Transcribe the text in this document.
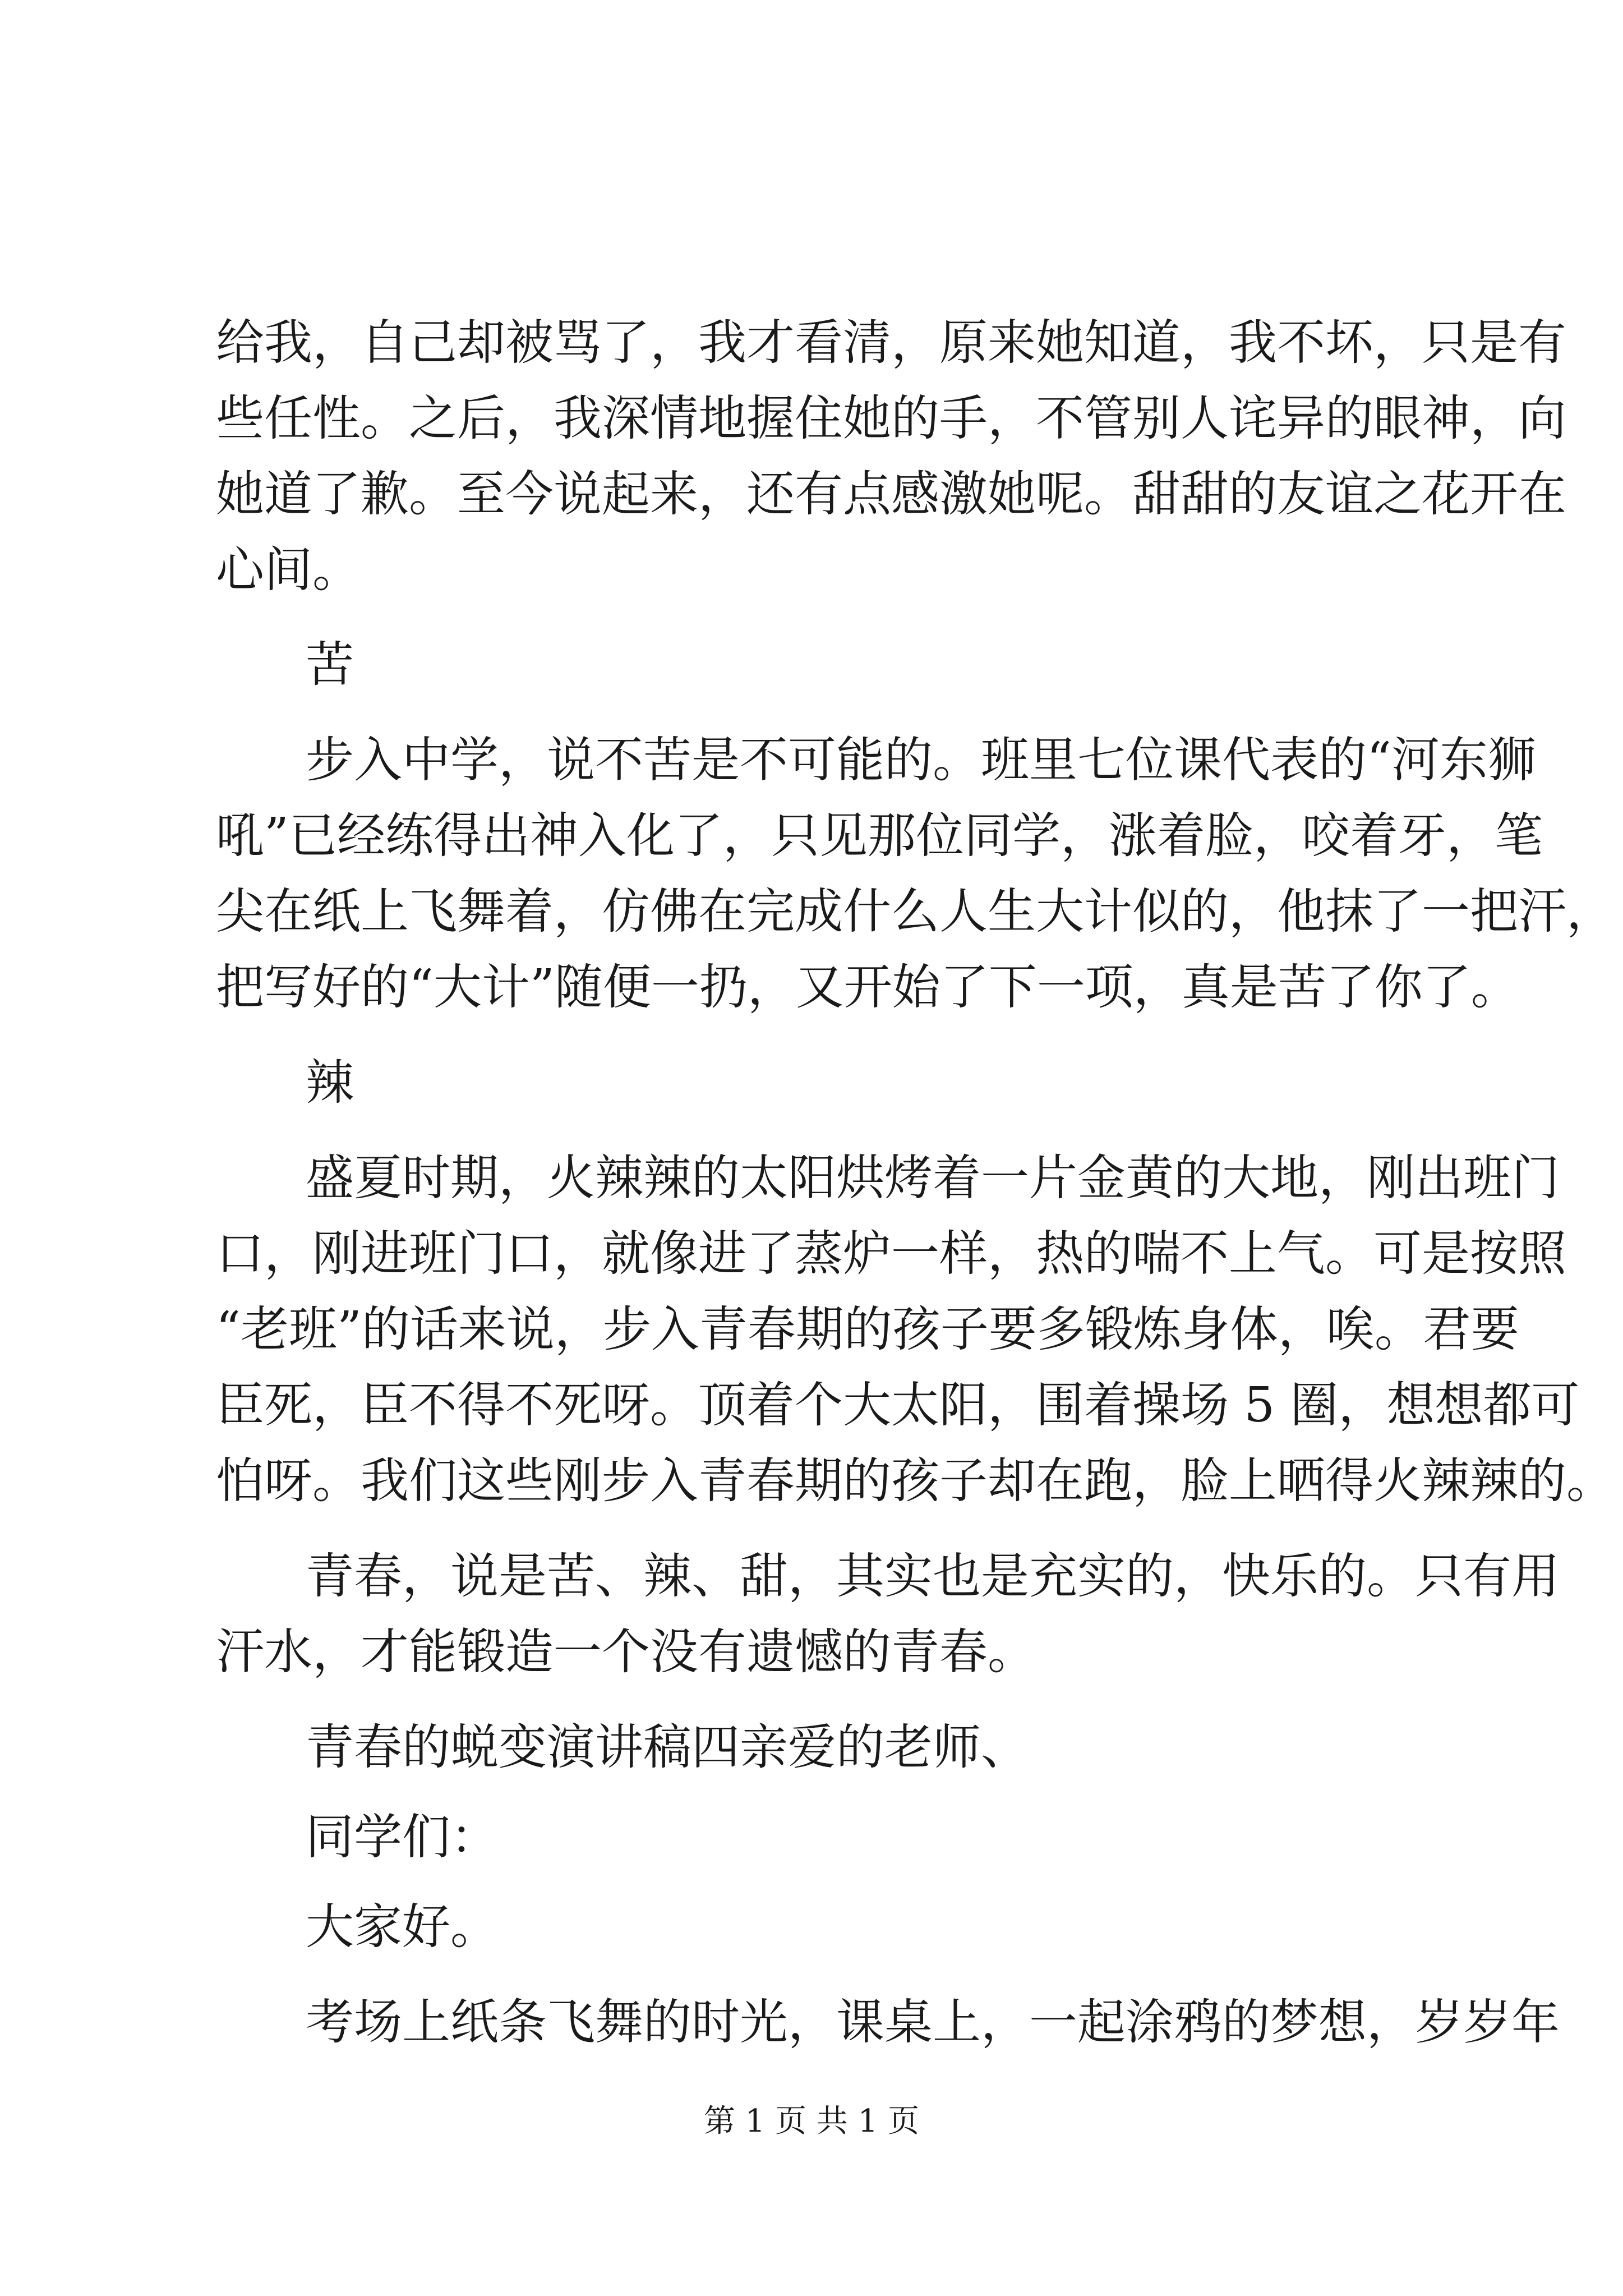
给我，自己却被骂了，我才看清，原来她知道，我不坏，只是有
些任性。之后，我深情地握住她的手，不管别人诧异的眼神，向
她道了歉。至今说起来，还有点感激她呢。甜甜的友谊之花开在
心间。
苦
步入中学，说不苦是不可能的。班里七位课代表的“河东狮
吼”已经练得出神入化了，只见那位同学，涨着脸，咬着牙，笔
尖在纸上飞舞着，仿佛在完成什么人生大计似的，他抹了一把汗，
把写好的“大计”随便一扔，又开始了下一项，真是苦了你了。
辣
盛夏时期，火辣辣的太阳烘烤着一片金黄的大地，刚出班门
口，刚进班门口，就像进了蒸炉一样，热的喘不上气。可是按照
“老班”的话来说，步入青春期的孩子要多锻炼身体，唉。君要
臣死，臣不得不死呀。顶着个大太阳，围着操场 5 圈，想想都可
怕呀。我们这些刚步入青春期的孩子却在跑，脸上晒得火辣辣的。
青春，说是苦、辣、甜，其实也是充实的，快乐的。只有用
汗水，才能锻造一个没有遗憾的青春。
青春的蜕变演讲稿四亲爱的老师、
同学们：
大家好。
考场上纸条飞舞的时光，课桌上，一起涂鸦的梦想，岁岁年
第 1 页 共 1 页
